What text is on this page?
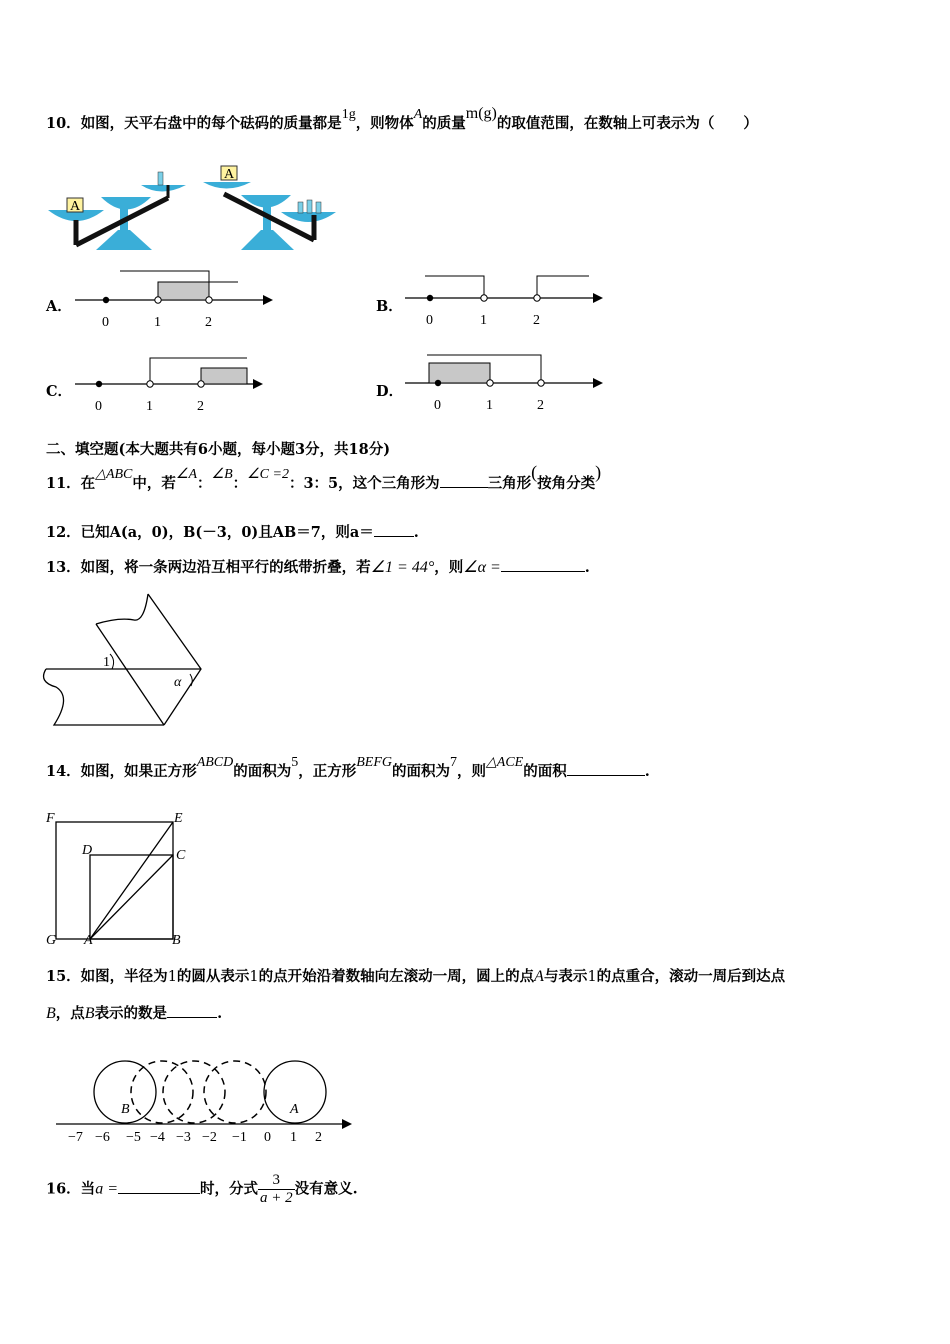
10．如图，天平右盘中的每个砝码的质量都是1g，则物体A的质量m(g)的取值范围，在数轴上可表示为（　　）
A
A
A．
0	1	2
B．
0	1	2
C．
0	1	2
D．
0	1	2
二、填空题(本大题共有6小题，每小题3分，共18分)
11．在△ABC中，若∠A：∠B：∠C =2：3：5，这个三角形为	三角形(按角分类)
12．已知A(a，0)，B(－3，0)且AB＝7，则a＝	.
13．如图，将一条两边沿互相平行的纸带折叠，若∠1 = 44°，则∠α =	.
1
α
14．如图，如果正方形ABCD的面积为5，正方形BEFG的面积为7，则△ACE的面积	.
F	E
D	C
G A	B
15．如图，半径为1的圆从表示1的点开始沿着数轴向左滚动一周，圆上的点A与表示1的点重合，滚动一周后到达点
B，点B表示的数是	.
B	A
−7 −6 −5 −4 −3 −2 −1 0 1 2
16．当a =	时，分式 $\frac{3}{a + 2}$ 没有意义.
